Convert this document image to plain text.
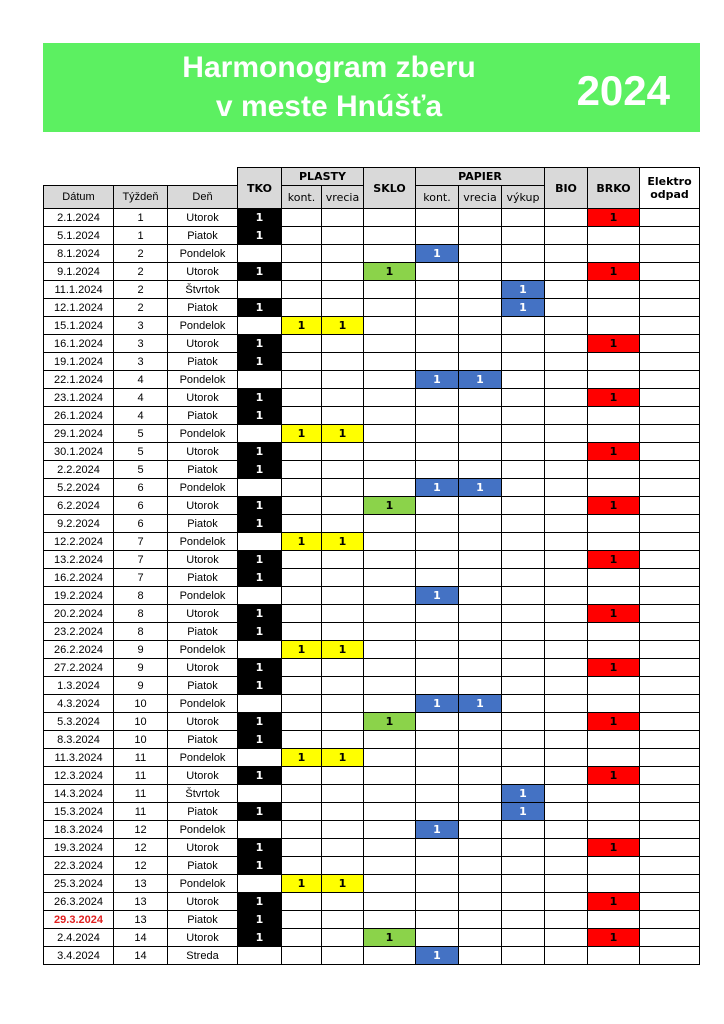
Harmonogram zberu
v meste Hnúšťa	2024
			TKO	PLASTY		SKLO	PAPIER			BIO	BRKO	Elektro
odpad

Dátum	Týždeň	Deň		kont.	vrecia		kont.	vrecia	výkup			
2.1.2024	1	Utorok	1								1	
5.1.2024	1	Piatok	1									
8.1.2024	2	Pondelok					1					
9.1.2024	2	Utorok	1			1					1	
11.1.2024	2	Štvrtok							1			
12.1.2024	2	Piatok	1						1			
15.1.2024	3	Pondelok		1	1							
16.1.2024	3	Utorok	1								1	
19.1.2024	3	Piatok	1									
22.1.2024	4	Pondelok					1	1				
23.1.2024	4	Utorok	1								1	
26.1.2024	4	Piatok	1									
29.1.2024	5	Pondelok		1	1							
30.1.2024	5	Utorok	1								1	
2.2.2024	5	Piatok	1									
5.2.2024	6	Pondelok					1	1				
6.2.2024	6	Utorok	1			1					1	
9.2.2024	6	Piatok	1									
12.2.2024	7	Pondelok		1	1							
13.2.2024	7	Utorok	1								1	
16.2.2024	7	Piatok	1									
19.2.2024	8	Pondelok					1					
20.2.2024	8	Utorok	1								1	
23.2.2024	8	Piatok	1									
26.2.2024	9	Pondelok		1	1							
27.2.2024	9	Utorok	1								1	
1.3.2024	9	Piatok	1									
4.3.2024	10	Pondelok					1	1				
5.3.2024	10	Utorok	1			1					1	
8.3.2024	10	Piatok	1									
11.3.2024	11	Pondelok		1	1							
12.3.2024	11	Utorok	1								1	
14.3.2024	11	Štvrtok							1			
15.3.2024	11	Piatok	1						1			
18.3.2024	12	Pondelok					1					
19.3.2024	12	Utorok	1								1	
22.3.2024	12	Piatok	1									
25.3.2024	13	Pondelok		1	1							
26.3.2024	13	Utorok	1								1	
29.3.2024	13	Piatok	1									
2.4.2024	14	Utorok	1			1					1	
3.4.2024	14	Streda					1					
